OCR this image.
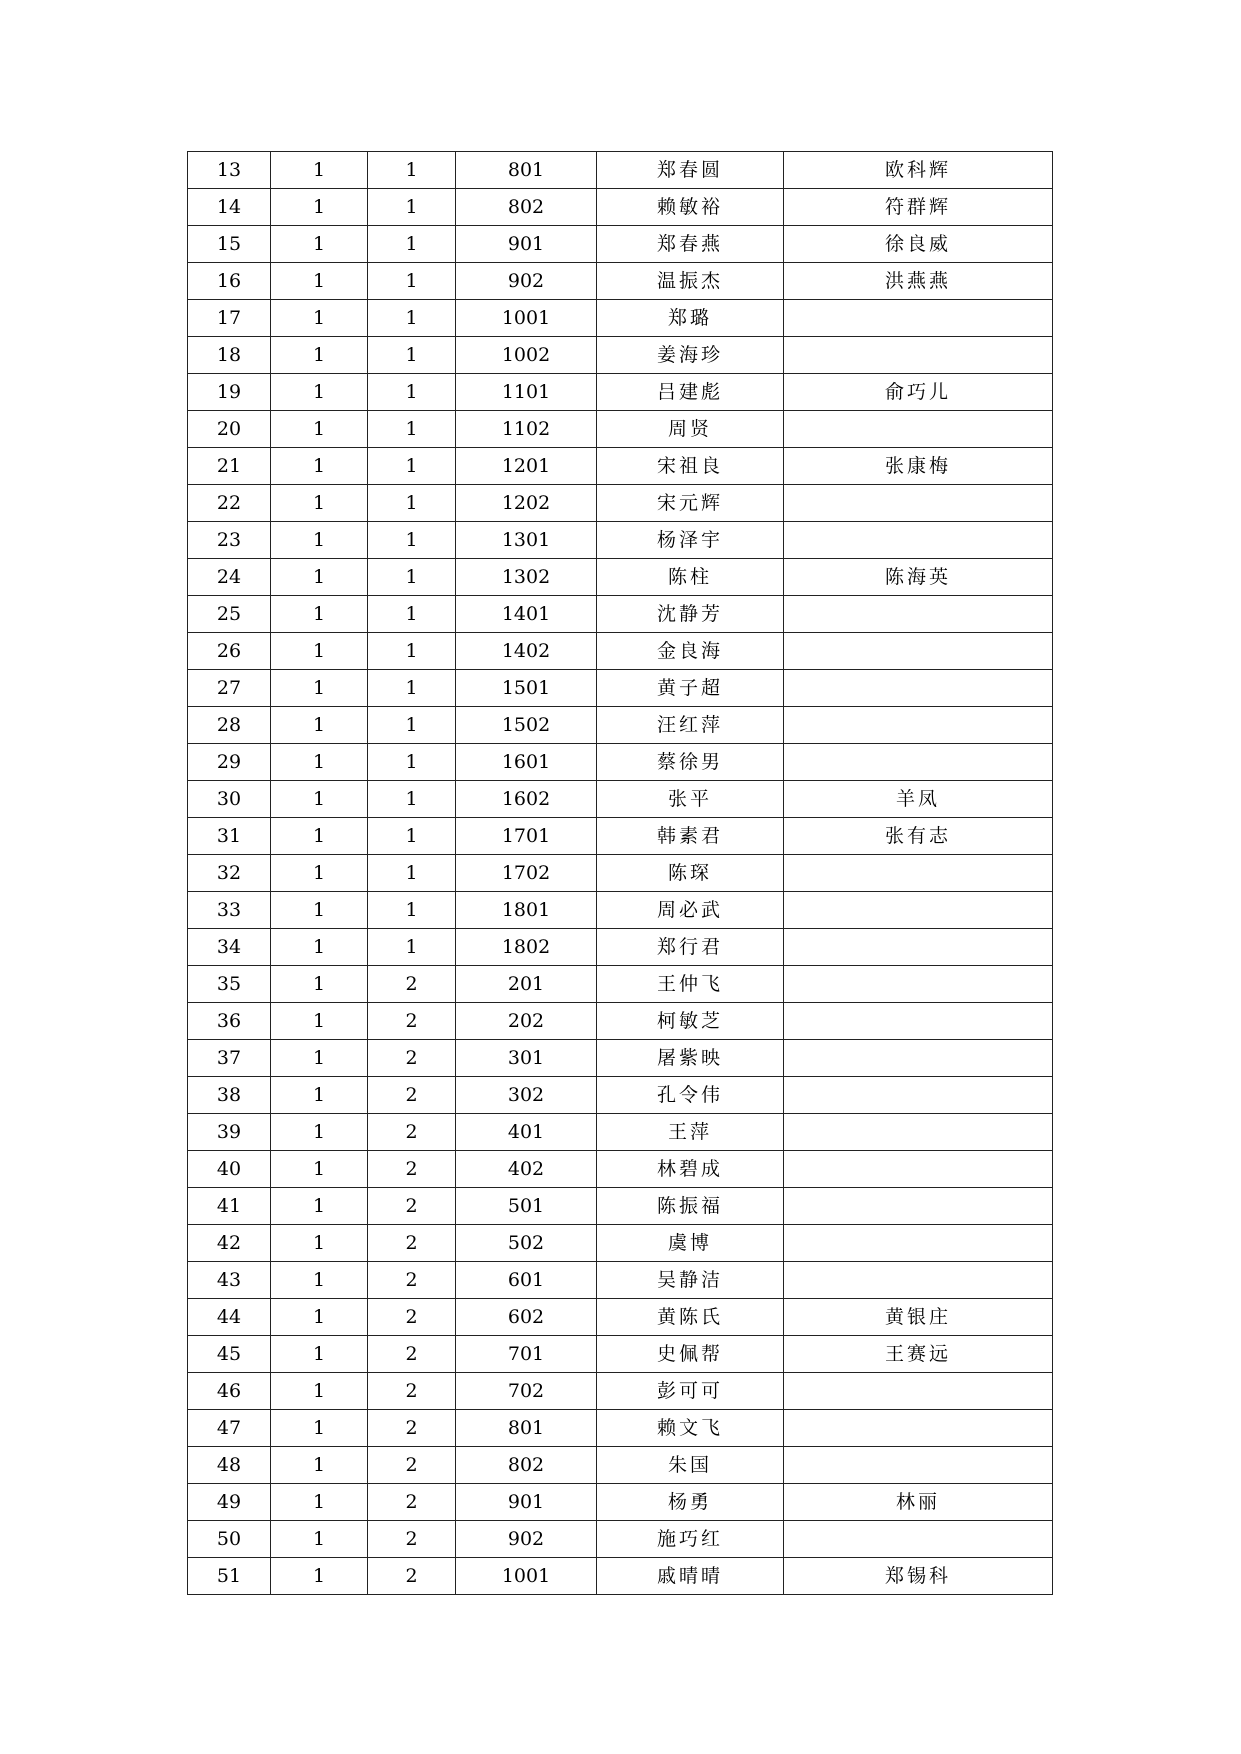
13	1	1	801	郑春圆	欧科辉
14	1	1	802	赖敏裕	符群辉
15	1	1	901	郑春燕	徐良威
16	1	1	902	温振杰	洪燕燕
17	1	1	1001	郑璐	
18	1	1	1002	姜海珍	
19	1	1	1101	吕建彪	俞巧儿
20	1	1	1102	周贤	
21	1	1	1201	宋祖良	张康梅
22	1	1	1202	宋元辉	
23	1	1	1301	杨泽宇	
24	1	1	1302	陈柱	陈海英
25	1	1	1401	沈静芳	
26	1	1	1402	金良海	
27	1	1	1501	黄子超	
28	1	1	1502	汪红萍	
29	1	1	1601	蔡徐男	
30	1	1	1602	张平	羊凤
31	1	1	1701	韩素君	张有志
32	1	1	1702	陈琛	
33	1	1	1801	周必武	
34	1	1	1802	郑行君	
35	1	2	201	王仲飞	
36	1	2	202	柯敏芝	
37	1	2	301	屠紫映	
38	1	2	302	孔令伟	
39	1	2	401	王萍	
40	1	2	402	林碧成	
41	1	2	501	陈振福	
42	1	2	502	虞博	
43	1	2	601	吴静洁	
44	1	2	602	黄陈氏	黄银庄
45	1	2	701	史佩帮	王赛远
46	1	2	702	彭可可	
47	1	2	801	赖文飞	
48	1	2	802	朱国	
49	1	2	901	杨勇	林丽
50	1	2	902	施巧红	
51	1	2	1001	戚晴晴	郑锡科
